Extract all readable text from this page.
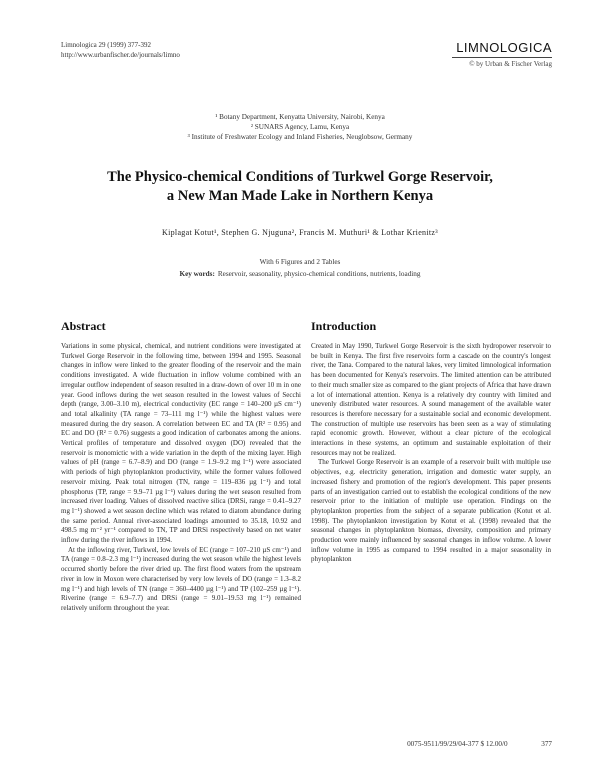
Limnologica 29 (1999) 377-392
http://www.urbanfischer.de/journals/limno	LIMNOLOGICA
© by Urban & Fischer Verlag
¹ Botany Department, Kenyatta University, Nairobi, Kenya
² SUNARS Agency, Lamu, Kenya
³ Institute of Freshwater Ecology and Inland Fisheries, Neuglobsow, Germany
The Physico-chemical Conditions of Turkwel Gorge Reservoir,
a New Man Made Lake in Northern Kenya
Kiplagat Kotut¹, Stephen G. Njuguna², Francis M. Muthuri¹ & Lothar Krienitz³
With 6 Figures and 2 Tables
Key words: Reservoir, seasonality, physico-chemical conditions, nutrients, loading
Abstract	Introduction

Variations in some physical, chemical, and nutrient conditions were investigated at Turkwel Gorge Reservoir in the following time, between 1994 and 1995. Seasonal changes in inflow were linked to the greater flooding of the reservoir and the main conditions investigated. A wide fluctuation in inflow volume combined with an irregular outflow independent of season resulted in a draw-down of over 10 m in one year. Good inflows during the wet season resulted in the lowest values of Secchi depth (range, 3.00–3.10 m), electrical conductivity (EC range = 140–200 µS cm⁻¹) and total alkalinity (TA range = 73–111 mg l⁻¹) while the highest values were measured during the dry season. A correlation between EC and TA (R² = 0.95) and EC and DO (R² = 0.76) suggests a good indication of carbonates among the anions. Vertical profiles of temperature and dissolved oxygen (DO) revealed that the reservoir is monomictic with a wide variation in the depth of the mixing layer. High values of pH (range = 6.7–8.9) and DO (range = 1.9–9.2 mg l⁻¹) were associated with periods of high phytoplankton productivity, while the former values followed reservoir mixing. Peak total nitrogen (TN, range = 119–836 µg l⁻¹) and total phosphorus (TP, range = 9.9–71 µg l⁻¹) values during the wet season resulted from increased river loading. Values of dissolved reactive silica (DRSi, range = 0.41–9.27 mg l⁻¹) showed a wet season decline which was related to diatom abundance during the same period. Annual river-associated loadings amounted to 35.18, 10.92 and 498.5 mg m⁻² yr⁻¹ compared to TN, TP and DRSi respectively based on net water inflow during the river inflows in 1994.

At the inflowing river, Turkwel, low levels of EC (range = 107–210 µS cm⁻¹) and TA (range = 0.8–2.3 mg l⁻¹) increased during the wet season while the highest levels occurred shortly before the river dried up. The first flood waters from the upstream river in low in Moxon were characterised by very low levels of DO (range = 1.3–8.2 mg l⁻¹) and high levels of TN (range = 360–4400 µg l⁻¹) and TP (102–259 µg l⁻¹). Riverine (range = 6.9–7.7) and DRSi (range = 9.01–19.53 mg l⁻¹) remained relatively uniform throughout the year.

Created in May 1990, Turkwel Gorge Reservoir is the sixth hydropower reservoir to be built in Kenya. The first five reservoirs form a cascade on the country's longest river, the Tana. Compared to the natural lakes, very limited limnological information has been documented for Kenya's reservoirs. The limited attention can be attributed to their much smaller size as compared to the giant projects of Africa that have drawn a lot of international attention. Kenya is a relatively dry country with limited and unevenly distributed water resources. A sound management of the available water resources is therefore necessary for a sustainable social and economic development. The construction of multiple use reservoirs has been seen as a way of stimulating rapid economic growth. However, without a clear picture of the ecological interactions in these systems, an optimum and sustainable exploitation of their resources may not be realized.

The Turkwel Gorge Reservoir is an example of a reservoir built with multiple use objectives, e.g. electricity generation, irrigation and domestic water supply, an increased fishery and promotion of the region's development. This paper presents parts of an investigation carried out to establish the ecological conditions of the new reservoir prior to the initiation of multiple use operation. Findings on the phytoplankton properties from the subject of a separate publication (Kotut et al. 1998). The phytoplankton investigation by Kotut et al. (1998) revealed that the seasonal changes in phytoplankton biomass, diversity, composition and primary production were mainly influenced by seasonal changes in inflow volume. A lower inflow volume in 1995 as compared to 1994 resulted in a major seasonality in phytoplankton

0075-9511/99/29/04-377 $ 12.00/0	377
